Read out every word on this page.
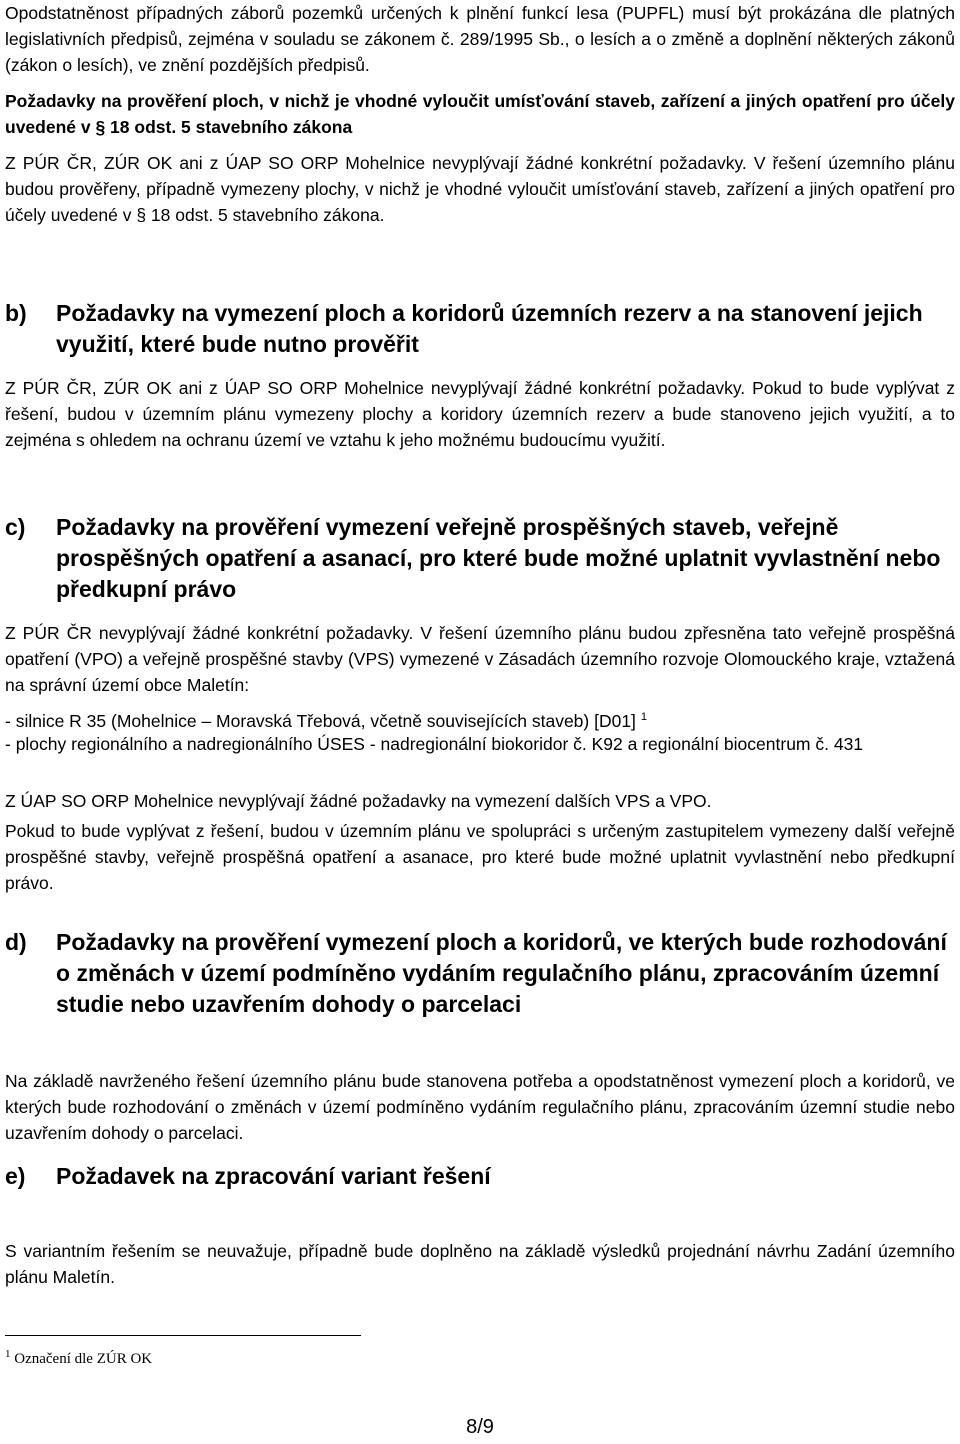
Opodstatněnost případných záborů pozemků určených k plnění funkcí lesa (PUPFL) musí být prokázána dle platných legislativních předpisů, zejména v souladu se zákonem č. 289/1995 Sb., o lesích a o změně a doplnění některých zákonů (zákon o lesích), ve znění pozdějších předpisů.

Požadavky na prověření ploch, v nichž je vhodné vyloučit umísťování staveb, zařízení a jiných opatření pro účely uvedené v § 18 odst. 5 stavebního zákona

Z PÚR ČR, ZÚR OK ani z ÚAP SO ORP Mohelnice nevyplývají žádné konkrétní požadavky. V řešení územního plánu budou prověřeny, případně vymezeny plochy, v nichž je vhodné vyloučit umísťování staveb, zařízení a jiných opatření pro účely uvedené v § 18 odst. 5 stavebního zákona.

b) Požadavky na vymezení ploch a koridorů územních rezerv a na stanovení jejich využití, které bude nutno prověřit

Z PÚR ČR, ZÚR OK ani z ÚAP SO ORP Mohelnice nevyplývají žádné konkrétní požadavky. Pokud to bude vyplývat z řešení, budou v územním plánu vymezeny plochy a koridory územních rezerv a bude stanoveno jejich využití, a to zejména s ohledem na ochranu území ve vztahu k jeho možnému budoucímu využití.

c) Požadavky na prověření vymezení veřejně prospěšných staveb, veřejně prospěšných opatření a asanací, pro které bude možné uplatnit vyvlastnění nebo předkupní právo

Z PÚR ČR nevyplývají žádné konkrétní požadavky. V řešení územního plánu budou zpřesněna tato veřejně prospěšná opatření (VPO) a veřejně prospěšné stavby (VPS) vymezené v Zásadách územního rozvoje Olomouckého kraje, vztažená na správní území obce Maletín:

- silnice R 35 (Mohelnice – Moravská Třebová, včetně souvisejících staveb) [D01] $^1$

- plochy regionálního a nadregionálního ÚSES - nadregionální biokoridor č. K92 a regionální biocentrum č. 431

Z ÚAP SO ORP Mohelnice nevyplývají žádné požadavky na vymezení dalších VPS a VPO.

Pokud to bude vyplývat z řešení, budou v územním plánu ve spolupráci s určeným zastupitelem vymezeny další veřejně prospěšné stavby, veřejně prospěšná opatření a asanace, pro které bude možné uplatnit vyvlastnění nebo předkupní právo.

d) Požadavky na prověření vymezení ploch a koridorů, ve kterých bude rozhodování o změnách v území podmíněno vydáním regulačního plánu, zpracováním územní studie nebo uzavřením dohody o parcelaci

Na základě navrženého řešení územního plánu bude stanovena potřeba a opodstatněnost vymezení ploch a koridorů, ve kterých bude rozhodování o změnách v území podmíněno vydáním regulačního plánu, zpracováním územní studie nebo uzavřením dohody o parcelaci.

e) Požadavek na zpracování variant řešení

S variantním řešením se neuvažuje, případně bude doplněno na základě výsledků projednání návrhu Zadání územního plánu Maletín.

$^1$ Označení dle ZÚR OK
8/9
